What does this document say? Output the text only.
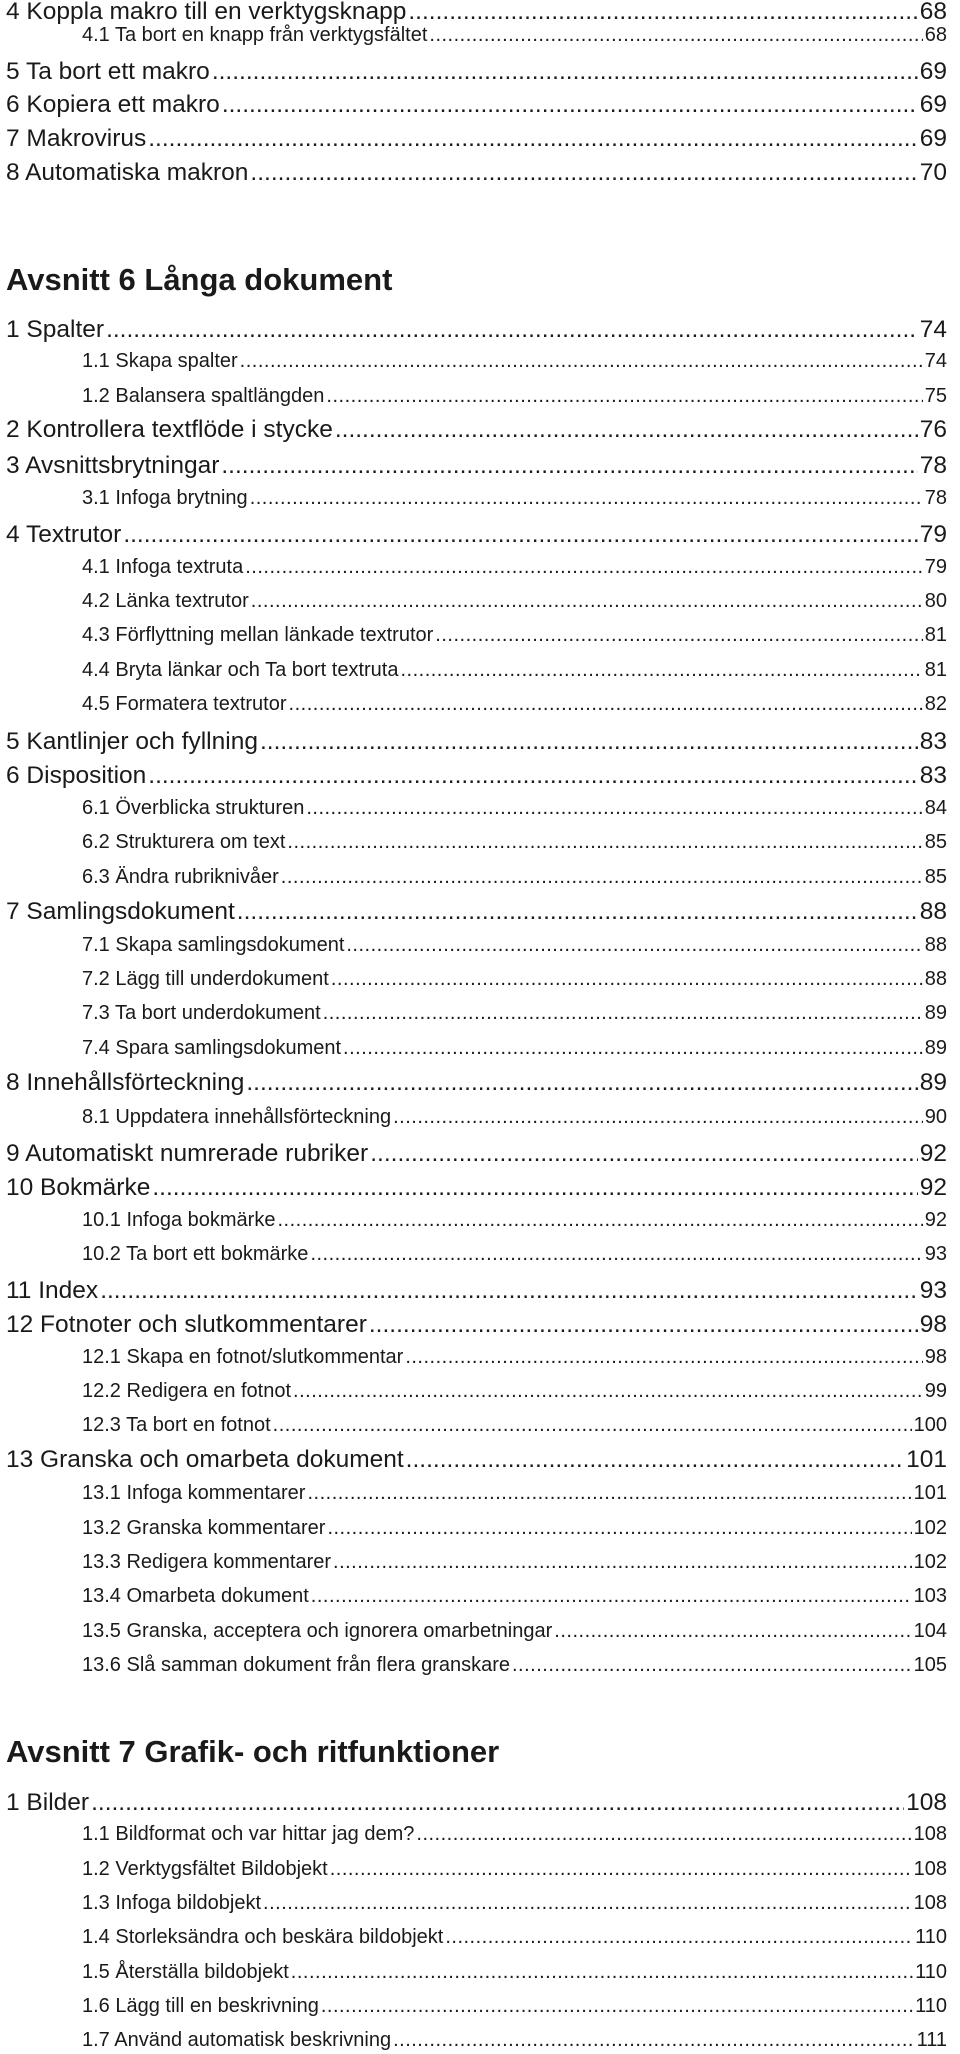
4 Koppla makro till en verktygsknapp .....	68
4.1 Ta bort en knapp från verktygsfältet .....	68
5 Ta bort ett makro .....	69
6 Kopiera ett makro .....	69
7 Makrovirus .....	69
8 Automatiska makron .....	70
Avsnitt 6 Långa dokument
1 Spalter .....	74
1.1 Skapa spalter .....	74
1.2 Balansera spaltlängden .....	75
2 Kontrollera textflöde i stycke .....	76
3 Avsnittsbrytningar .....	78
3.1 Infoga brytning .....	78
4 Textrutor .....	79
4.1 Infoga textruta .....	79
4.2 Länka textrutor .....	80
4.3 Förflyttning mellan länkade textrutor .....	81
4.4 Bryta länkar och Ta bort textruta .....	81
4.5 Formatera textrutor .....	82
5 Kantlinjer och fyllning .....	83
6 Disposition .....	83
6.1 Överblicka strukturen .....	84
6.2 Strukturera om text .....	85
6.3 Ändra rubriknivåer .....	85
7 Samlingsdokument .....	88
7.1 Skapa samlingsdokument .....	88
7.2 Lägg till underdokument .....	88
7.3 Ta bort underdokument .....	89
7.4 Spara samlingsdokument .....	89
8 Innehållsförteckning .....	89
8.1 Uppdatera innehållsförteckning .....	90
9 Automatiskt numrerade rubriker .....	92
10 Bokmärke .....	92
10.1 Infoga bokmärke .....	92
10.2 Ta bort ett bokmärke .....	93
11 Index .....	93
12 Fotnoter och slutkommentarer .....	98
12.1 Skapa en fotnot/slutkommentar .....	98
12.2 Redigera en fotnot .....	99
12.3 Ta bort en fotnot .....	100
13 Granska och omarbeta dokument .....	101
13.1 Infoga kommentarer .....	101
13.2 Granska kommentarer .....	102
13.3 Redigera kommentarer .....	102
13.4 Omarbeta dokument .....	103
13.5 Granska, acceptera och ignorera omarbetningar .....	104
13.6 Slå samman dokument från flera granskare .....	105
Avsnitt 7 Grafik- och ritfunktioner
1 Bilder .....	108
1.1 Bildformat och var hittar jag dem? .....	108
1.2 Verktygsfältet Bildobjekt .....	108
1.3 Infoga bildobjekt .....	108
1.4 Storleksändra och beskära bildobjekt .....	110
1.5 Återställa bildobjekt .....	110
1.6 Lägg till en beskrivning .....	110
1.7 Använd automatisk beskrivning .....	111
